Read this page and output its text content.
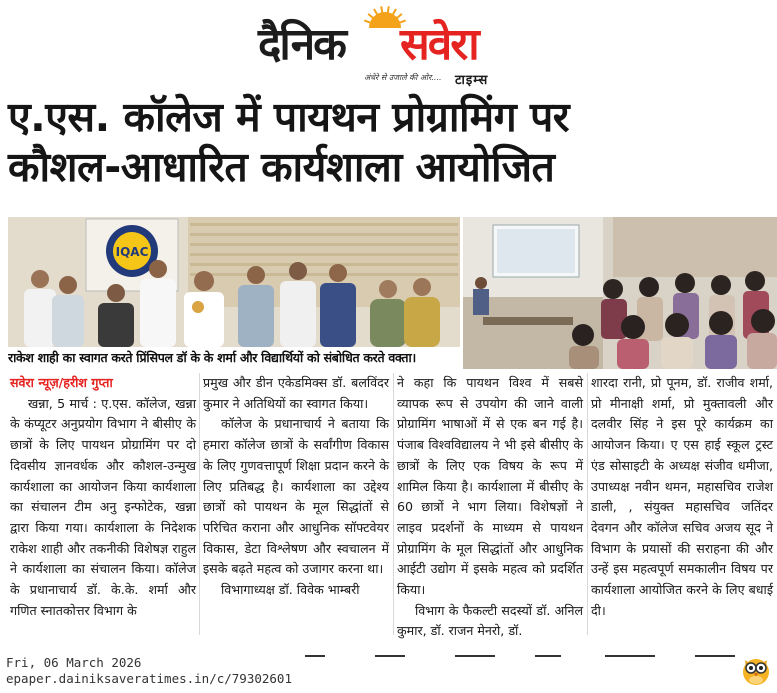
दैनिक सवेरा
अंधेरे से उजाले की ओर.... टाइम्स
ए.एस. कॉलेज में पायथन प्रोग्रामिंग पर
कौशल-आधारित कार्यशाला आयोजित
IQAC
राकेश शाही का स्वागत करते प्रिंसिपल डॉ के के शर्मा और विद्यार्थियों को संबोधित करते वक्ता।

सवेरा न्यूज़/हरीश गुप्ता

खन्ना, 5 मार्च : ए.एस. कॉलेज, खन्ना के कंप्यूटर अनुप्रयोग विभाग ने बीसीए के छात्रों के लिए पायथन प्रोग्रामिंग पर दो दिवसीय ज्ञानवर्धक और कौशल-उन्मुख कार्यशाला का आयोजन किया कार्यशाला का संचालन टीम अनु इन्फोटेक, खन्ना द्वारा किया गया। कार्यशाला के निदेशक राकेश शाही और तकनीकी विशेषज्ञ राहुल ने कार्यशाला का संचालन किया। कॉलेज के प्रधानाचार्य डॉ. के.के. शर्मा और गणित स्नातकोत्तर विभाग के

प्रमुख और डीन एकेडमिक्स डॉ. बलविंदर कुमार ने अतिथियों का स्वागत किया।

कॉलेज के प्रधानाचार्य ने बताया कि हमारा कॉलेज छात्रों के सर्वांगीण विकास के लिए गुणवत्तापूर्ण शिक्षा प्रदान करने के लिए प्रतिबद्ध है। कार्यशाला का उद्देश्य छात्रों को पायथन के मूल सिद्धांतों से परिचित कराना और आधुनिक सॉफ्टवेयर विकास, डेटा विश्लेषण और स्वचालन में इसके बढ़ते महत्व को उजागर करना था।

विभागाध्यक्ष डॉ. विवेक भाम्बरी

ने कहा कि पायथन विश्व में सबसे व्यापक रूप से उपयोग की जाने वाली प्रोग्रामिंग भाषाओं में से एक बन गई है। पंजाब विश्वविद्यालय ने भी इसे बीसीए के छात्रों के लिए एक विषय के रूप में शामिल किया है। कार्यशाला में बीसीए के 60 छात्रों ने भाग लिया। विशेषज्ञों ने लाइव प्रदर्शनों के माध्यम से पायथन प्रोग्रामिंग के मूल सिद्धांतों और आधुनिक आईटी उद्योग में इसके महत्व को प्रदर्शित किया।

विभाग के फैकल्टी सदस्यों डॉ. अनिल कुमार, डॉ. राजन मेनरो, डॉ.

शारदा रानी, प्रो पूनम, डॉ. राजीव शर्मा, प्रो मीनाक्षी शर्मा, प्रो मुक्तावली और दलवीर सिंह ने इस पूरे कार्यक्रम का आयोजन किया। ए एस हाई स्कूल ट्रस्ट एंड सोसाइटी के अध्यक्ष संजीव धमीजा, उपाध्यक्ष नवीन थमन, महासचिव राजेश डाली, , संयुक्त महासचिव जतिंदर देवगन और कॉलेज सचिव अजय सूद ने विभाग के प्रयासों की सराहना की और उन्हें इस महत्वपूर्ण समकालीन विषय पर कार्यशाला आयोजित करने के लिए बधाई दी।

Fri, 06 March 2026
epaper.dainiksaveratimes.in/c/79302601
